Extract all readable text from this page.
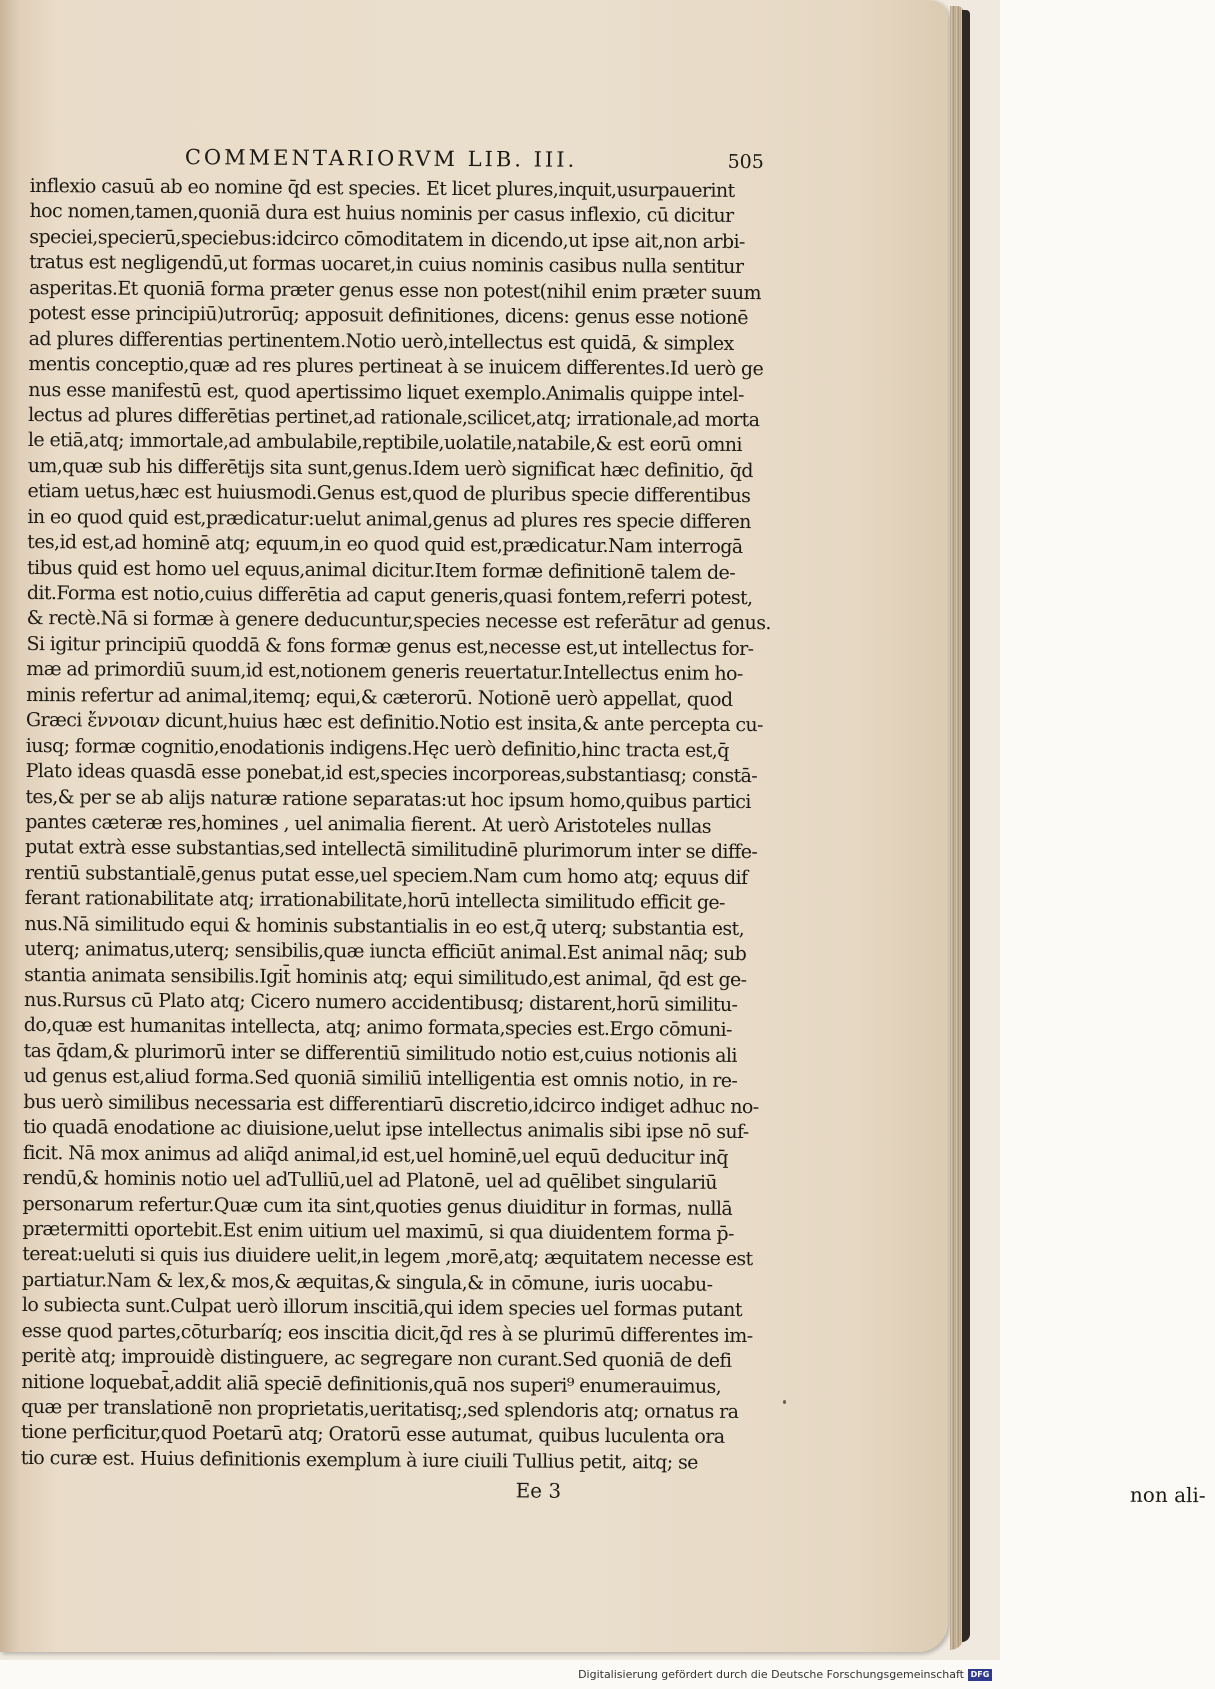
COMMENTARIORVM LIB. III.	505
inflexio casuū ab eo nomine q̄d est species. Et licet plures,inquit,usurpauerint
hoc nomen,tamen,quoniā dura est huius nominis per casus inflexio, cū dicitur
speciei,specierū,speciebus:idcirco cōmoditatem in dicendo,ut ipse ait,non arbi-
tratus est negligendū,ut formas uocaret,in cuius nominis casibus nulla sentitur
asperitas.Et quoniā forma præter genus esse non potest(nihil enim præter suum
potest esse principiū)utrorūq; apposuit definitiones, dicens: genus esse notionē
ad plures differentias pertinentem.Notio uerò,intellectus est quidā, & simplex
mentis conceptio,quæ ad res plures pertineat à se inuicem differentes.Id uerò ge
nus esse manifestū est, quod apertissimo liquet exemplo.Animalis quippe intel-
lectus ad plures differētias pertinet,ad rationale,scilicet,atq; irrationale,ad morta
le etiā,atq; immortale,ad ambulabile,reptibile,uolatile,natabile,& est eorū omni
um,quæ sub his differētijs sita sunt,genus.Idem uerò significat hæc definitio, q̄d
etiam uetus,hæc est huiusmodi.Genus est,quod de pluribus specie differentibus
in eo quod quid est,prædicatur:uelut animal,genus ad plures res specie differen
tes,id est,ad hominē atq; equum,in eo quod quid est,prædicatur.Nam interrogā
tibus quid est homo uel equus,animal dicitur.Item formæ definitionē talem de-
dit.Forma est notio,cuius differētia ad caput generis,quasi fontem,referri potest,
& rectè.Nā si formæ à genere deducuntur,species necesse est referātur ad genus.
Si igitur principiū quoddā & fons formæ genus est,necesse est,ut intellectus for-
mæ ad primordiū suum,id est,notionem generis reuertatur.Intellectus enim ho-
minis refertur ad animal,itemq; equi,& cæterorū. Notionē uerò appellat, quod
Græci ἔννοιαν dicunt,huius hæc est definitio.Notio est insita,& ante percepta cu-
iusq; formæ cognitio,enodationis indigens.Hęc uerò definitio,hinc tracta est,q̄
Plato ideas quasdā esse ponebat,id est,species incorporeas,substantiasq; constā-
tes,& per se ab alijs naturæ ratione separatas:ut hoc ipsum homo,quibus partici
pantes cæteræ res,homines , uel animalia fierent. At uerò Aristoteles nullas
putat extrà esse substantias,sed intellectā similitudinē plurimorum inter se diffe-
rentiū substantialē,genus putat esse,uel speciem.Nam cum homo atq; equus dif
ferant rationabilitate atq; irrationabilitate,horū intellecta similitudo efficit ge-
nus.Nā similitudo equi & hominis substantialis in eo est,q̄ uterq; substantia est,
uterq; animatus,uterq; sensibilis,quæ iuncta efficiūt animal.Est animal nāq; sub
stantia animata sensibilis.Igit̄ hominis atq; equi similitudo,est animal, q̄d est ge-
nus.Rursus cū Plato atq; Cicero numero accidentibusq; distarent,horū similitu-
do,quæ est humanitas intellecta, atq; animo formata,species est.Ergo cōmuni-
tas q̄dam,& plurimorū inter se differentiū similitudo notio est,cuius notionis ali
ud genus est,aliud forma.Sed quoniā similiū intelligentia est omnis notio, in re-
bus uerò similibus necessaria est differentiarū discretio,idcirco indiget adhuc no-
tio quadā enodatione ac diuisione,uelut ipse intellectus animalis sibi ipse nō suf-
ficit. Nā mox animus ad aliq̄d animal,id est,uel hominē,uel equū deducitur inq̄
rendū,& hominis notio uel adTulliū,uel ad Platonē, uel ad quēlibet singulariū
personarum refertur.Quæ cum ita sint,quoties genus diuiditur in formas, nullā
prætermitti oportebit.Est enim uitium uel maximū, si qua diuidentem forma p̄-
tereat:ueluti si quis ius diuidere uelit,in legem ,morē,atq; æquitatem necesse est
partiatur.Nam & lex,& mos,& æquitas,& singula,& in cōmune, iuris uocabu-
lo subiecta sunt.Culpat uerò illorum inscitiā,qui idem species uel formas putant
esse quod partes,cōturbaríq; eos inscitia dicit,q̄d res à se plurimū differentes im-
peritè atq; improuidè distinguere, ac segregare non curant.Sed quoniā de defi
nitione loquebat̄,addit aliā speciē definitionis,quā nos superi⁹ enumerauimus,
quæ per translationē non proprietatis,ueritatisq;,sed splendoris atq; ornatus ra
tione perficitur,quod Poetarū atq; Oratorū esse autumat, quibus luculenta ora
tio curæ est. Huius definitionis exemplum à iure ciuili Tullius petit, aitq; se
Ee 3	non ali-
Digitalisierung gefördert durch die Deutsche Forschungsgemeinschaft DFG
